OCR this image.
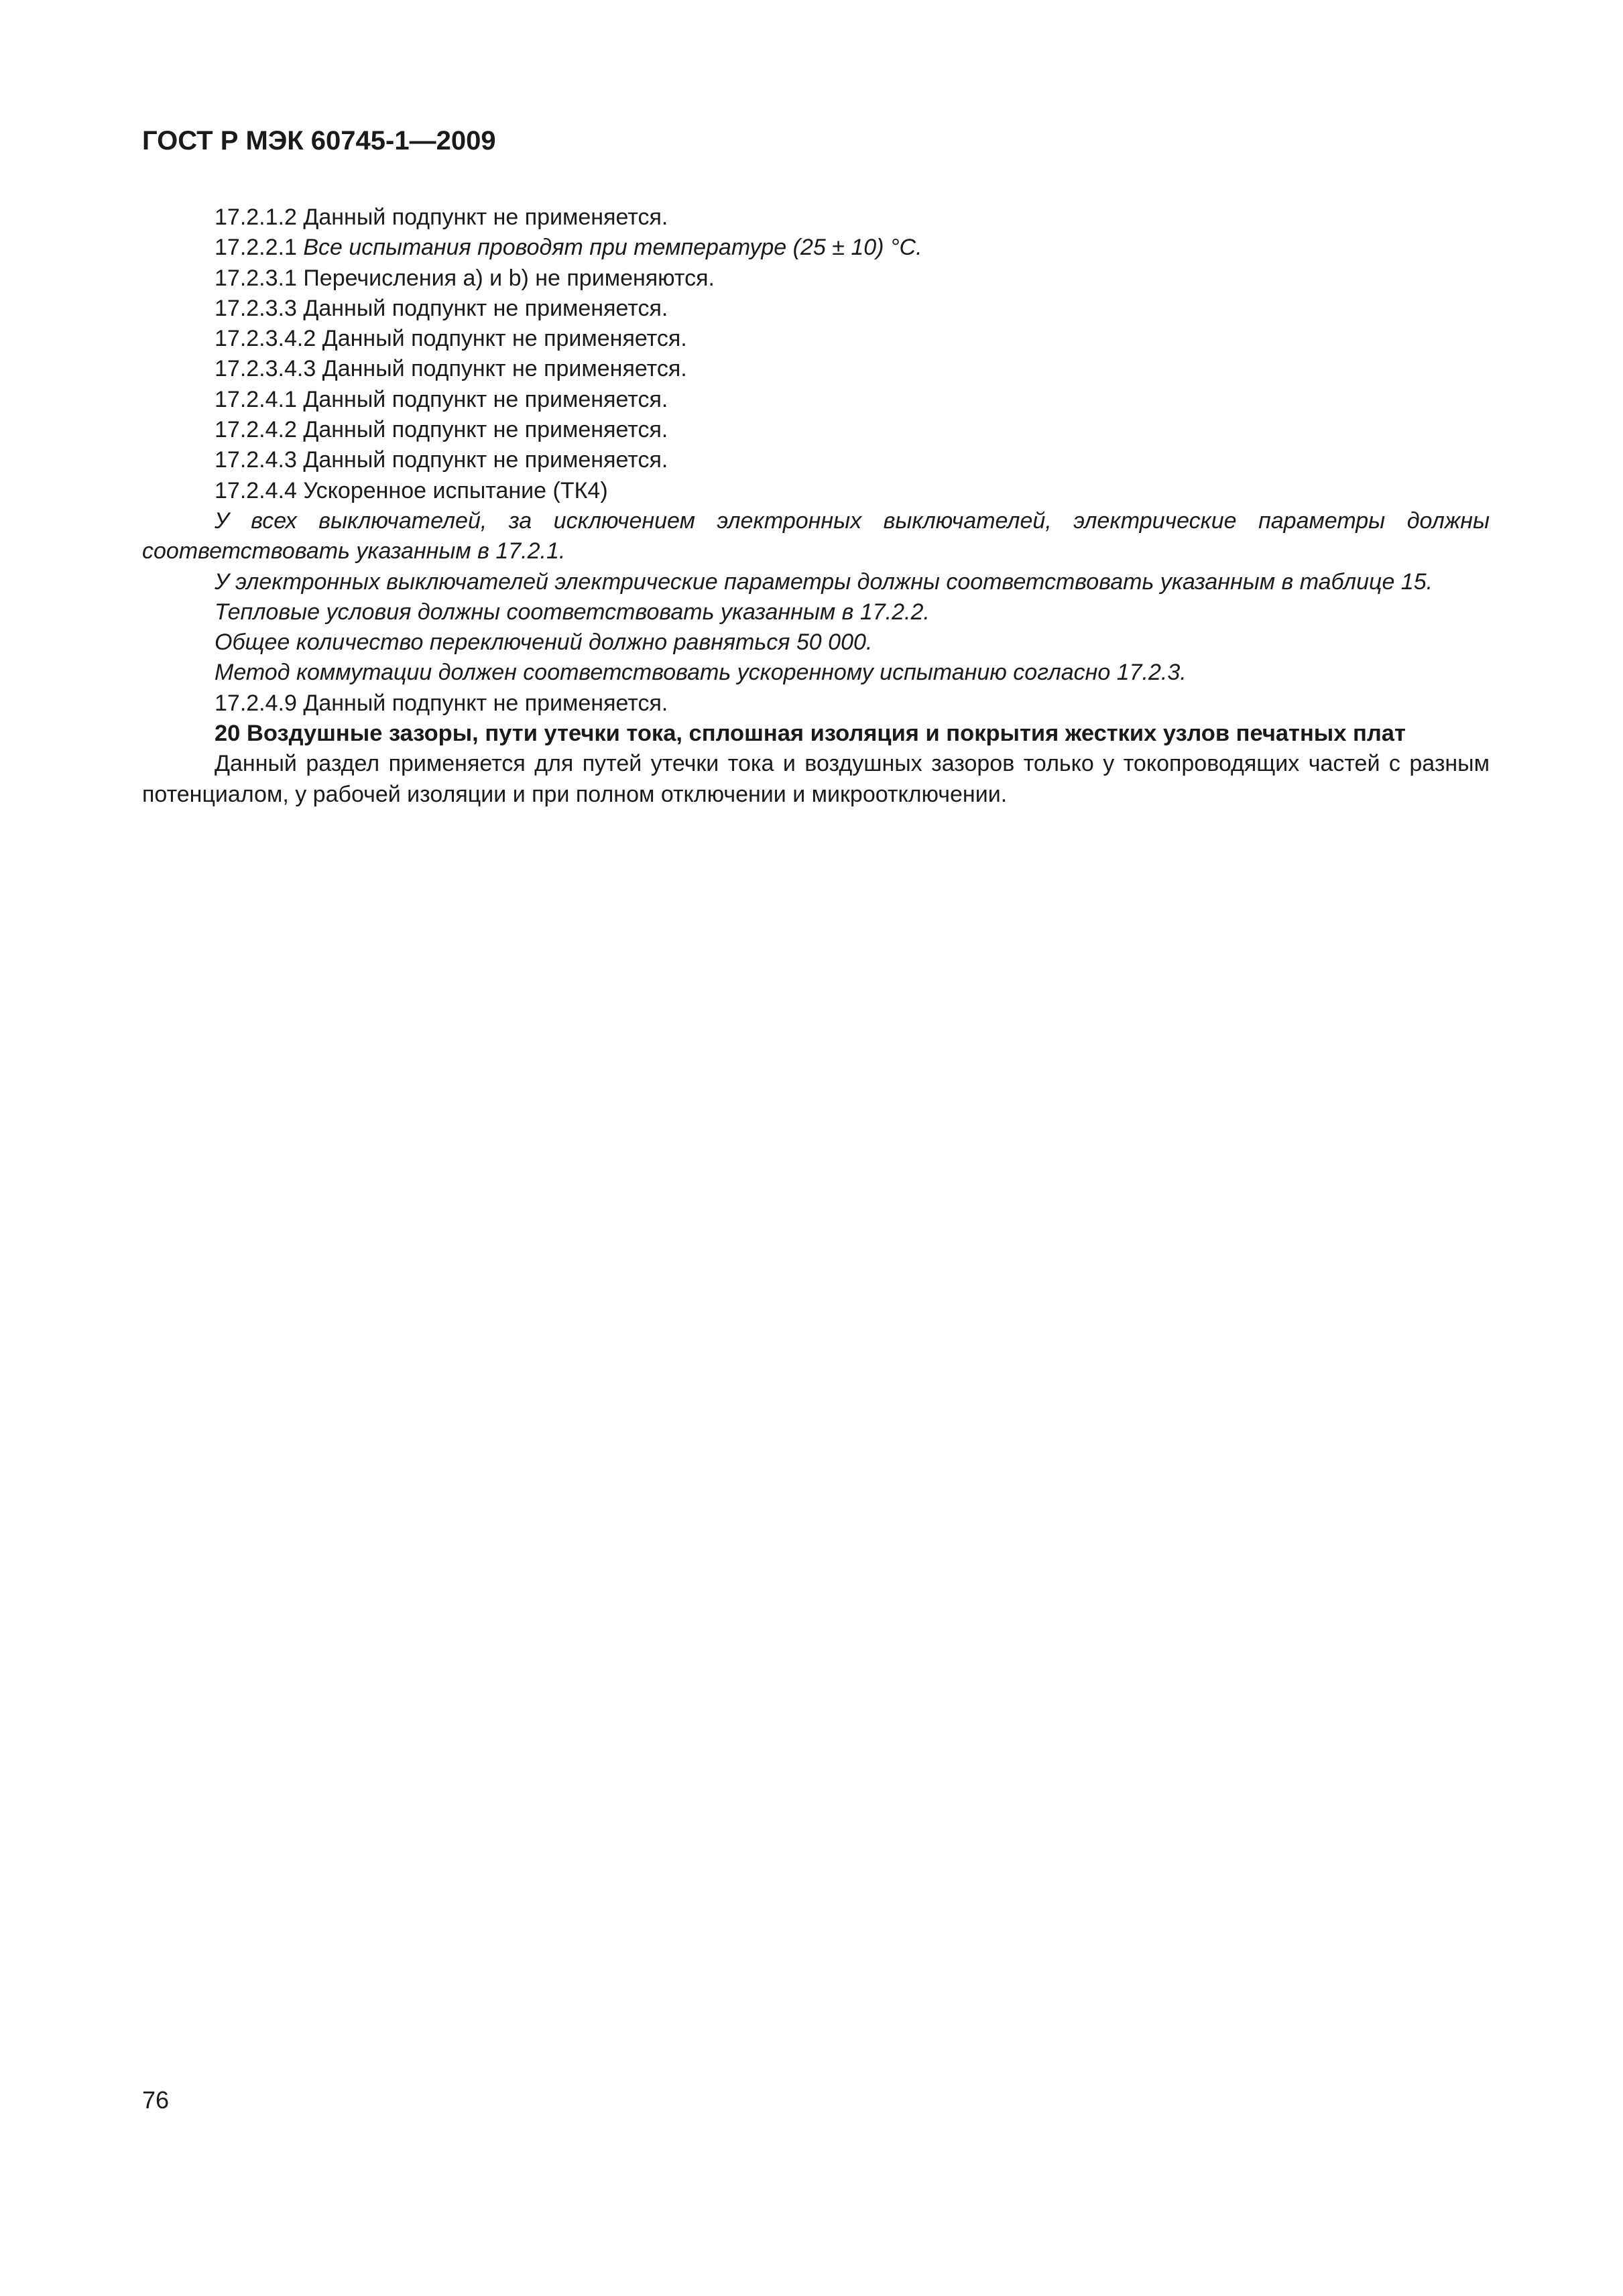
ГОСТ Р МЭК 60745-1—2009

17.2.1.2 Данный подпункт не применяется.

17.2.2.1 Все испытания проводят при температуре (25 ± 10) °С.

17.2.3.1 Перечисления a) и b) не применяются.

17.2.3.3 Данный подпункт не применяется.

17.2.3.4.2 Данный подпункт не применяется.

17.2.3.4.3 Данный подпункт не применяется.

17.2.4.1 Данный подпункт не применяется.

17.2.4.2 Данный подпункт не применяется.

17.2.4.3 Данный подпункт не применяется.

17.2.4.4 Ускоренное испытание (ТК4)

У всех выключателей, за исключением электронных выключателей, электрические параметры должны соответствовать указанным в 17.2.1.

У электронных выключателей электрические параметры должны соответствовать указанным в таблице 15.

Тепловые условия должны соответствовать указанным в 17.2.2.

Общее количество переключений должно равняться 50 000.

Метод коммутации должен соответствовать ускоренному испытанию согласно 17.2.3.

17.2.4.9 Данный подпункт не применяется.

20 Воздушные зазоры, пути утечки тока, сплошная изоляция и покрытия жестких узлов печатных плат

Данный раздел применяется для путей утечки тока и воздушных зазоров только у токопроводящих частей с разным потенциалом, у рабочей изоляции и при полном отключении и микроотключении.

76
